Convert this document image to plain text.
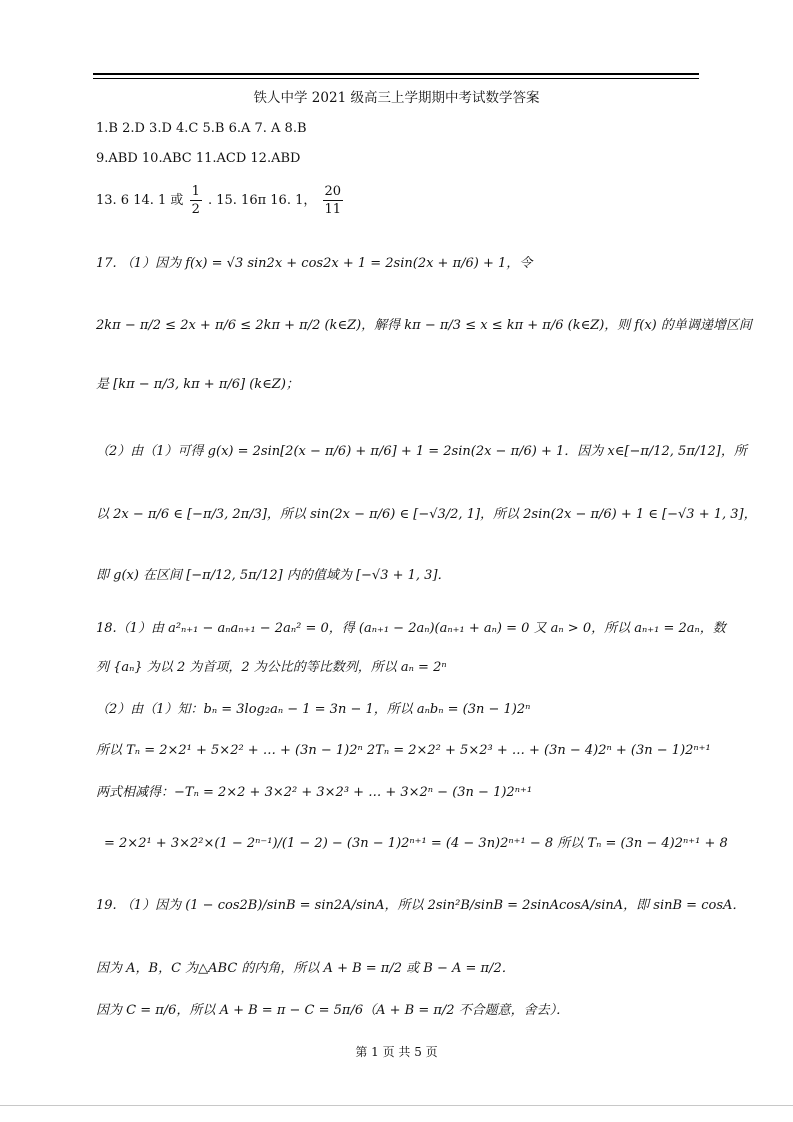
铁人中学 2021 级高三上学期期中考试数学答案
1.B 2.D 3.D 4.C 5.B 6.A 7. A 8.B
9.ABD 10.ABC 11.ACD 12.ABD
13. 6 14. 1 或 $\frac{1}{2}$ . 15. 16π 16. 1， $\frac{20}{11}$
17. （1）因为 f(x) = √3 sin2x + cos2x + 1 = 2sin(2x + π/6) + 1，令
2kπ − π/2 ≤ 2x + π/6 ≤ 2kπ + π/2 (k∈Z)，解得 kπ − π/3 ≤ x ≤ kπ + π/6 (k∈Z)，则 f(x) 的单调递增区间
是 [kπ − π/3, kπ + π/6] (k∈Z)；
（2）由（1）可得 g(x) = 2sin[2(x − π/6) + π/6] + 1 = 2sin(2x − π/6) + 1．因为 x∈[−π/12, 5π/12]，所
以 2x − π/6 ∈ [−π/3, 2π/3]，所以 sin(2x − π/6) ∈ [−√3/2, 1]，所以 2sin(2x − π/6) + 1 ∈ [−√3 + 1, 3]，
即 g(x) 在区间 [−π/12, 5π/12] 内的值域为 [−√3 + 1, 3]．
18.（1）由 a²ₙ₊₁ − aₙaₙ₊₁ − 2aₙ² = 0，得 (aₙ₊₁ − 2aₙ)(aₙ₊₁ + aₙ) = 0 又 aₙ > 0，所以 aₙ₊₁ = 2aₙ，数
列 {aₙ} 为以 2 为首项，2 为公比的等比数列，所以 aₙ = 2ⁿ
（2）由（1）知：bₙ = 3log₂aₙ − 1 = 3n − 1，所以 aₙbₙ = (3n − 1)2ⁿ
所以 Tₙ = 2×2¹ + 5×2² + … + (3n − 1)2ⁿ 2Tₙ = 2×2² + 5×2³ + … + (3n − 4)2ⁿ + (3n − 1)2ⁿ⁺¹
两式相减得：−Tₙ = 2×2 + 3×2² + 3×2³ + … + 3×2ⁿ − (3n − 1)2ⁿ⁺¹
= 2×2¹ + 3×2²×(1 − 2ⁿ⁻¹)/(1 − 2) − (3n − 1)2ⁿ⁺¹ = (4 − 3n)2ⁿ⁺¹ − 8 所以 Tₙ = (3n − 4)2ⁿ⁺¹ + 8
19. （1）因为 (1 − cos2B)/sinB = sin2A/sinA，所以 2sin²B/sinB = 2sinAcosA/sinA，即 sinB = cosA．
因为 A，B，C 为△ABC 的内角，所以 A + B = π/2 或 B − A = π/2．
因为 C = π/6，所以 A + B = π − C = 5π/6（A + B = π/2 不合题意，舍去）．
第 1 页 共 5 页
